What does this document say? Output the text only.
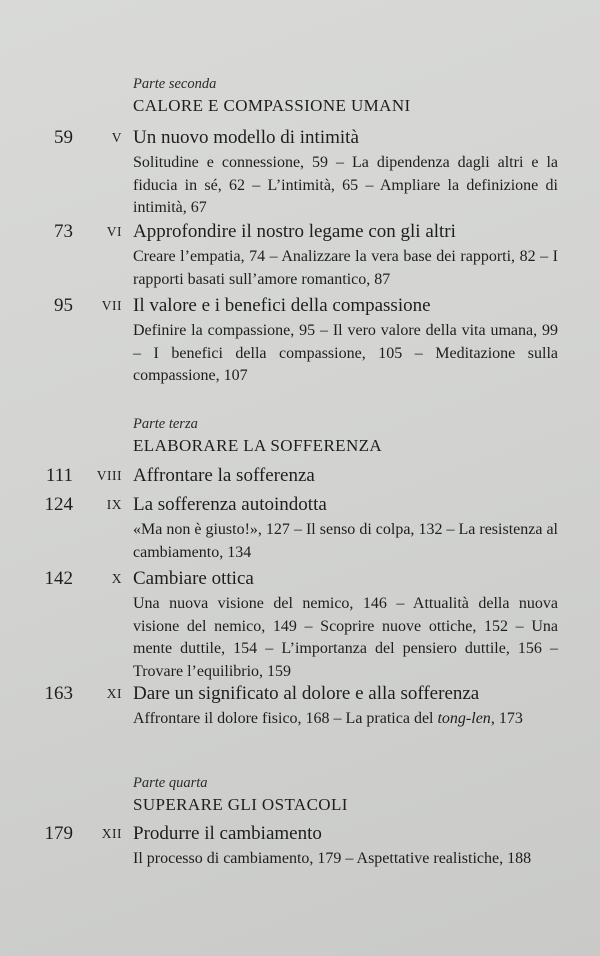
Parte seconda
CALORE E COMPASSIONE UMANI
59	V Un nuovo modello di intimità
Solitudine e connessione, 59 – La dipendenza dagli altri e la fiducia in sé, 62 – L’intimità, 65 – Ampliare la definizione di intimità, 67
73	VI Approfondire il nostro legame con gli altri
Creare l’empatia, 74 – Analizzare la vera base dei rapporti, 82 – I rapporti basati sull’amore romantico, 87
95	VII Il valore e i benefici della compassione
Definire la compassione, 95 – Il vero valore della vita umana, 99 – I benefici della compassione, 105 – Meditazione sulla compassione, 107
Parte terza
ELABORARE LA SOFFERENZA
111	VIII Affrontare la sofferenza
124	IX La sofferenza autoindotta
«Ma non è giusto!», 127 – Il senso di colpa, 132 – La resistenza al cambiamento, 134
142	X Cambiare ottica
Una nuova visione del nemico, 146 – Attualità della nuova visione del nemico, 149 – Scoprire nuove ottiche, 152 – Una mente duttile, 154 – L’importanza del pensiero duttile, 156 – Trovare l’equilibrio, 159
163	XI Dare un significato al dolore e alla sofferenza
Affrontare il dolore fisico, 168 – La pratica del tong-len, 173
Parte quarta
SUPERARE GLI OSTACOLI
179	XII Produrre il cambiamento
Il processo di cambiamento, 179 – Aspettative realistiche, 188
